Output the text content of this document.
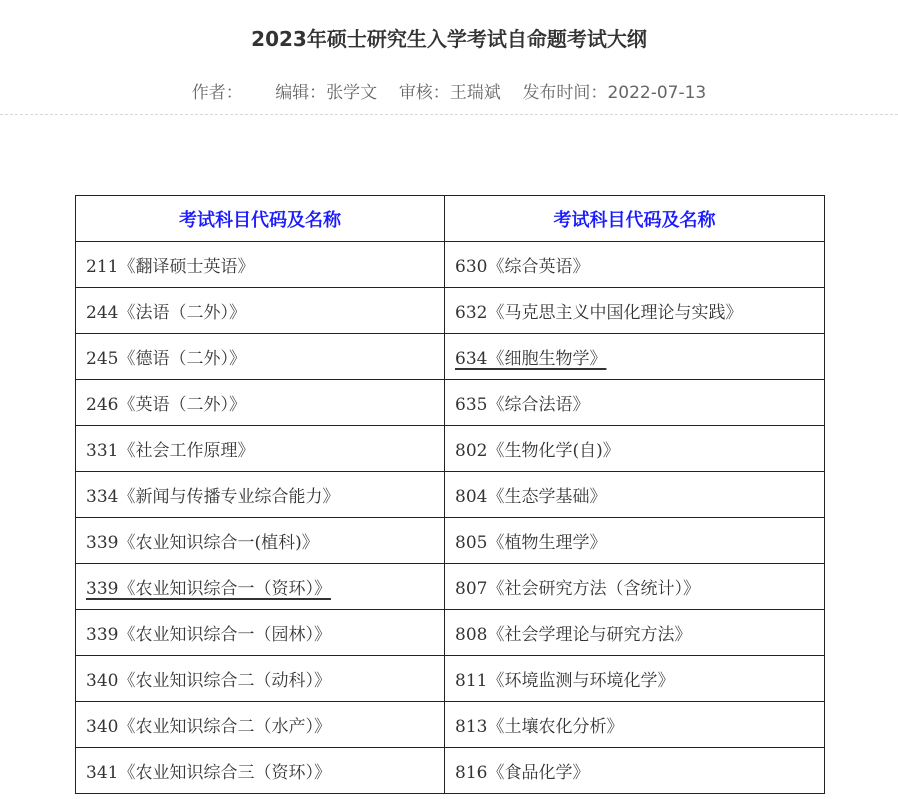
2023年硕士研究生入学考试自命题考试大纲
作者： 编辑：张学文 审核：王瑞斌 发布时间：2022-07-13
考试科目代码及名称	考试科目代码及名称
211《翻译硕士英语》	630《综合英语》
244《法语（二外）》	632《马克思主义中国化理论与实践》
245《德语（二外）》	634《细胞生物学》
246《英语（二外）》	635《综合法语》
331《社会工作原理》	802《生物化学(自)》
334《新闻与传播专业综合能力》	804《生态学基础》
339《农业知识综合一(植科)》	805《植物生理学》
339《农业知识综合一（资环）》	807《社会研究方法（含统计）》
339《农业知识综合一（园林）》	808《社会学理论与研究方法》
340《农业知识综合二（动科）》	811《环境监测与环境化学》
340《农业知识综合二（水产）》	813《土壤农化分析》
341《农业知识综合三（资环）》	816《食品化学》
